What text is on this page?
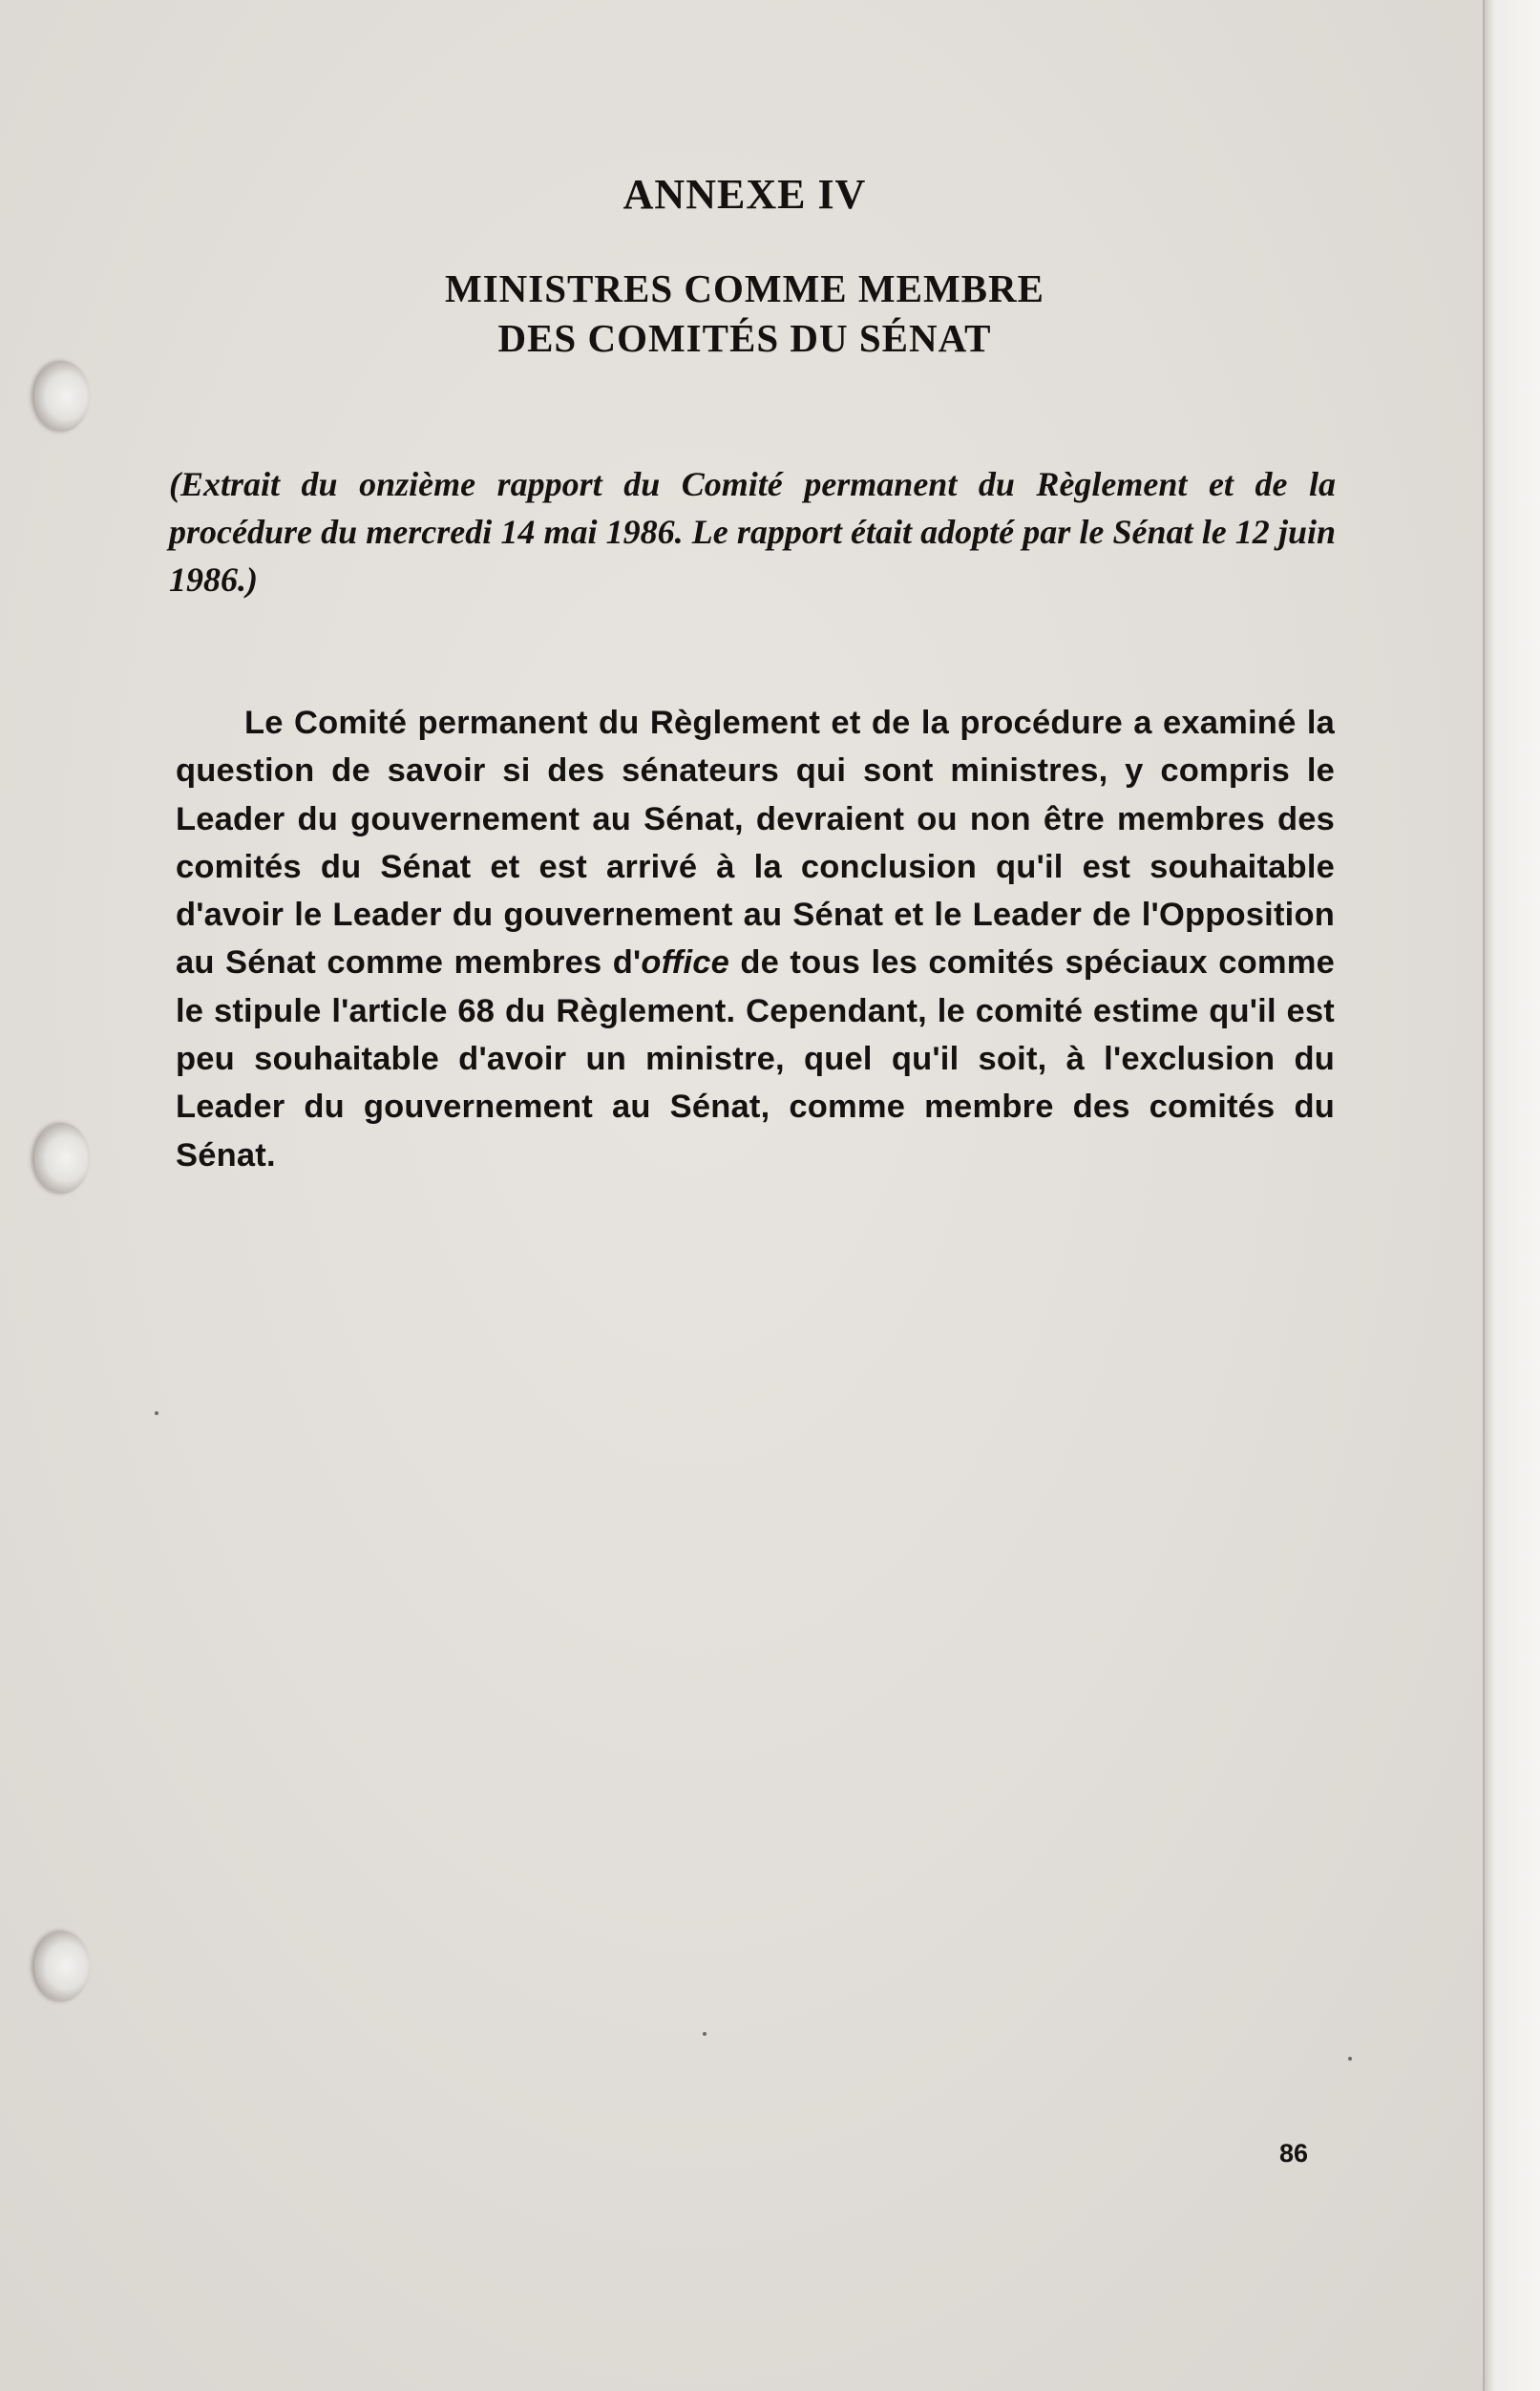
ANNEXE IV
MINISTRES COMME MEMBRE
DES COMITÉS DU SÉNAT
(Extrait du onzième rapport du Comité permanent du Règlement et de la procédure du mercredi 14 mai 1986. Le rapport était adopté par le Sénat le 12 juin 1986.)
Le Comité permanent du Règlement et de la procédure a examiné la question de savoir si des sénateurs qui sont ministres, y compris le Leader du gouvernement au Sénat, devraient ou non être membres des comités du Sénat et est arrivé à la conclusion qu'il est souhaitable d'avoir le Leader du gouvernement au Sénat et le Leader de l'Opposition au Sénat comme membres d'office de tous les comités spéciaux comme le stipule l'article 68 du Règlement. Cependant, le comité estime qu'il est peu souhaitable d'avoir un ministre, quel qu'il soit, à l'exclusion du Leader du gouvernement au Sénat, comme membre des comités du Sénat.
86
